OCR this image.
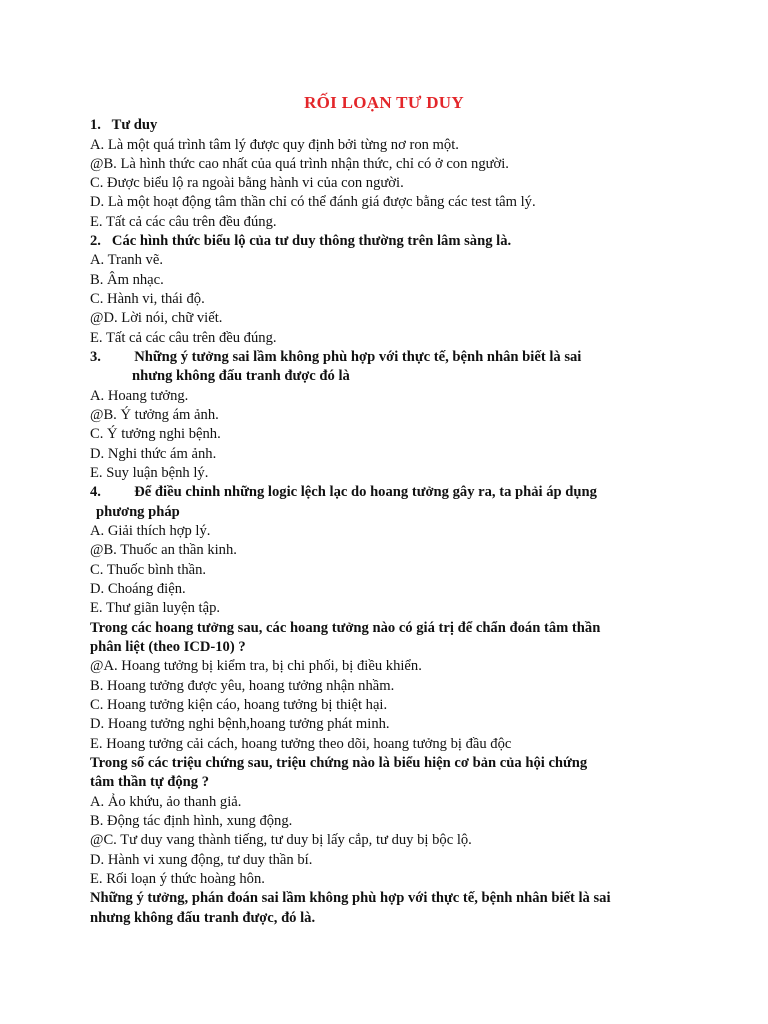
RỐI LOẠN TƯ DUY
1. Tư duy
A. Là một quá trình tâm lý được quy định bởi từng nơ ron một.
@B. Là hình thức cao nhất của quá trình nhận thức, chỉ có ở con người.
C. Được biểu lộ ra ngoài bằng hành vi của con người.
D. Là một hoạt động tâm thần chỉ có thể đánh giá được bằng các test tâm lý.
E. Tất cả các câu trên đều đúng.
2. Các hình thức biểu lộ của tư duy thông thường trên lâm sàng là.
A. Tranh vẽ.
B. Âm nhạc.
C. Hành vi, thái độ.
@D. Lời nói, chữ viết.
E. Tất cả các câu trên đều đúng.
3. Những ý tưởng sai lầm không phù hợp với thực tế, bệnh nhân biết là sai
nhưng không đấu tranh được đó là
A. Hoang tưởng.
@B. Ý tưởng ám ảnh.
C. Ý tưởng nghi bệnh.
D. Nghi thức ám ảnh.
E. Suy luận bệnh lý.
4. Để điều chỉnh những logic lệch lạc do hoang tưởng gây ra, ta phải áp dụng
phương pháp
A. Giải thích hợp lý.
@B. Thuốc an thần kinh.
C. Thuốc bình thần.
D. Choáng điện.
E. Thư giãn luyện tập.
Trong các hoang tưởng sau, các hoang tưởng nào có giá trị để chẩn đoán tâm thần
phân liệt (theo ICD-10) ?
@A. Hoang tưởng bị kiểm tra, bị chi phối, bị điều khiển.
B. Hoang tưởng được yêu, hoang tưởng nhận nhầm.
C. Hoang tưởng kiện cáo, hoang tưởng bị thiệt hại.
D. Hoang tưởng nghi bệnh,hoang tưởng phát minh.
E. Hoang tưởng cải cách, hoang tưởng theo dõi, hoang tưởng bị đầu độc
Trong số các triệu chứng sau, triệu chứng nào là biểu hiện cơ bản của hội chứng
tâm thần tự động ?
A. Ảo khứu, ảo thanh giả.
B. Động tác định hình, xung động.
@C. Tư duy vang thành tiếng, tư duy bị lấy cắp, tư duy bị bộc lộ.
D. Hành vi xung động, tư duy thần bí.
E. Rối loạn ý thức hoàng hôn.
Những ý tưởng, phán đoán sai lầm không phù hợp với thực tế, bệnh nhân biết là sai
nhưng không đấu tranh được, đó là.
